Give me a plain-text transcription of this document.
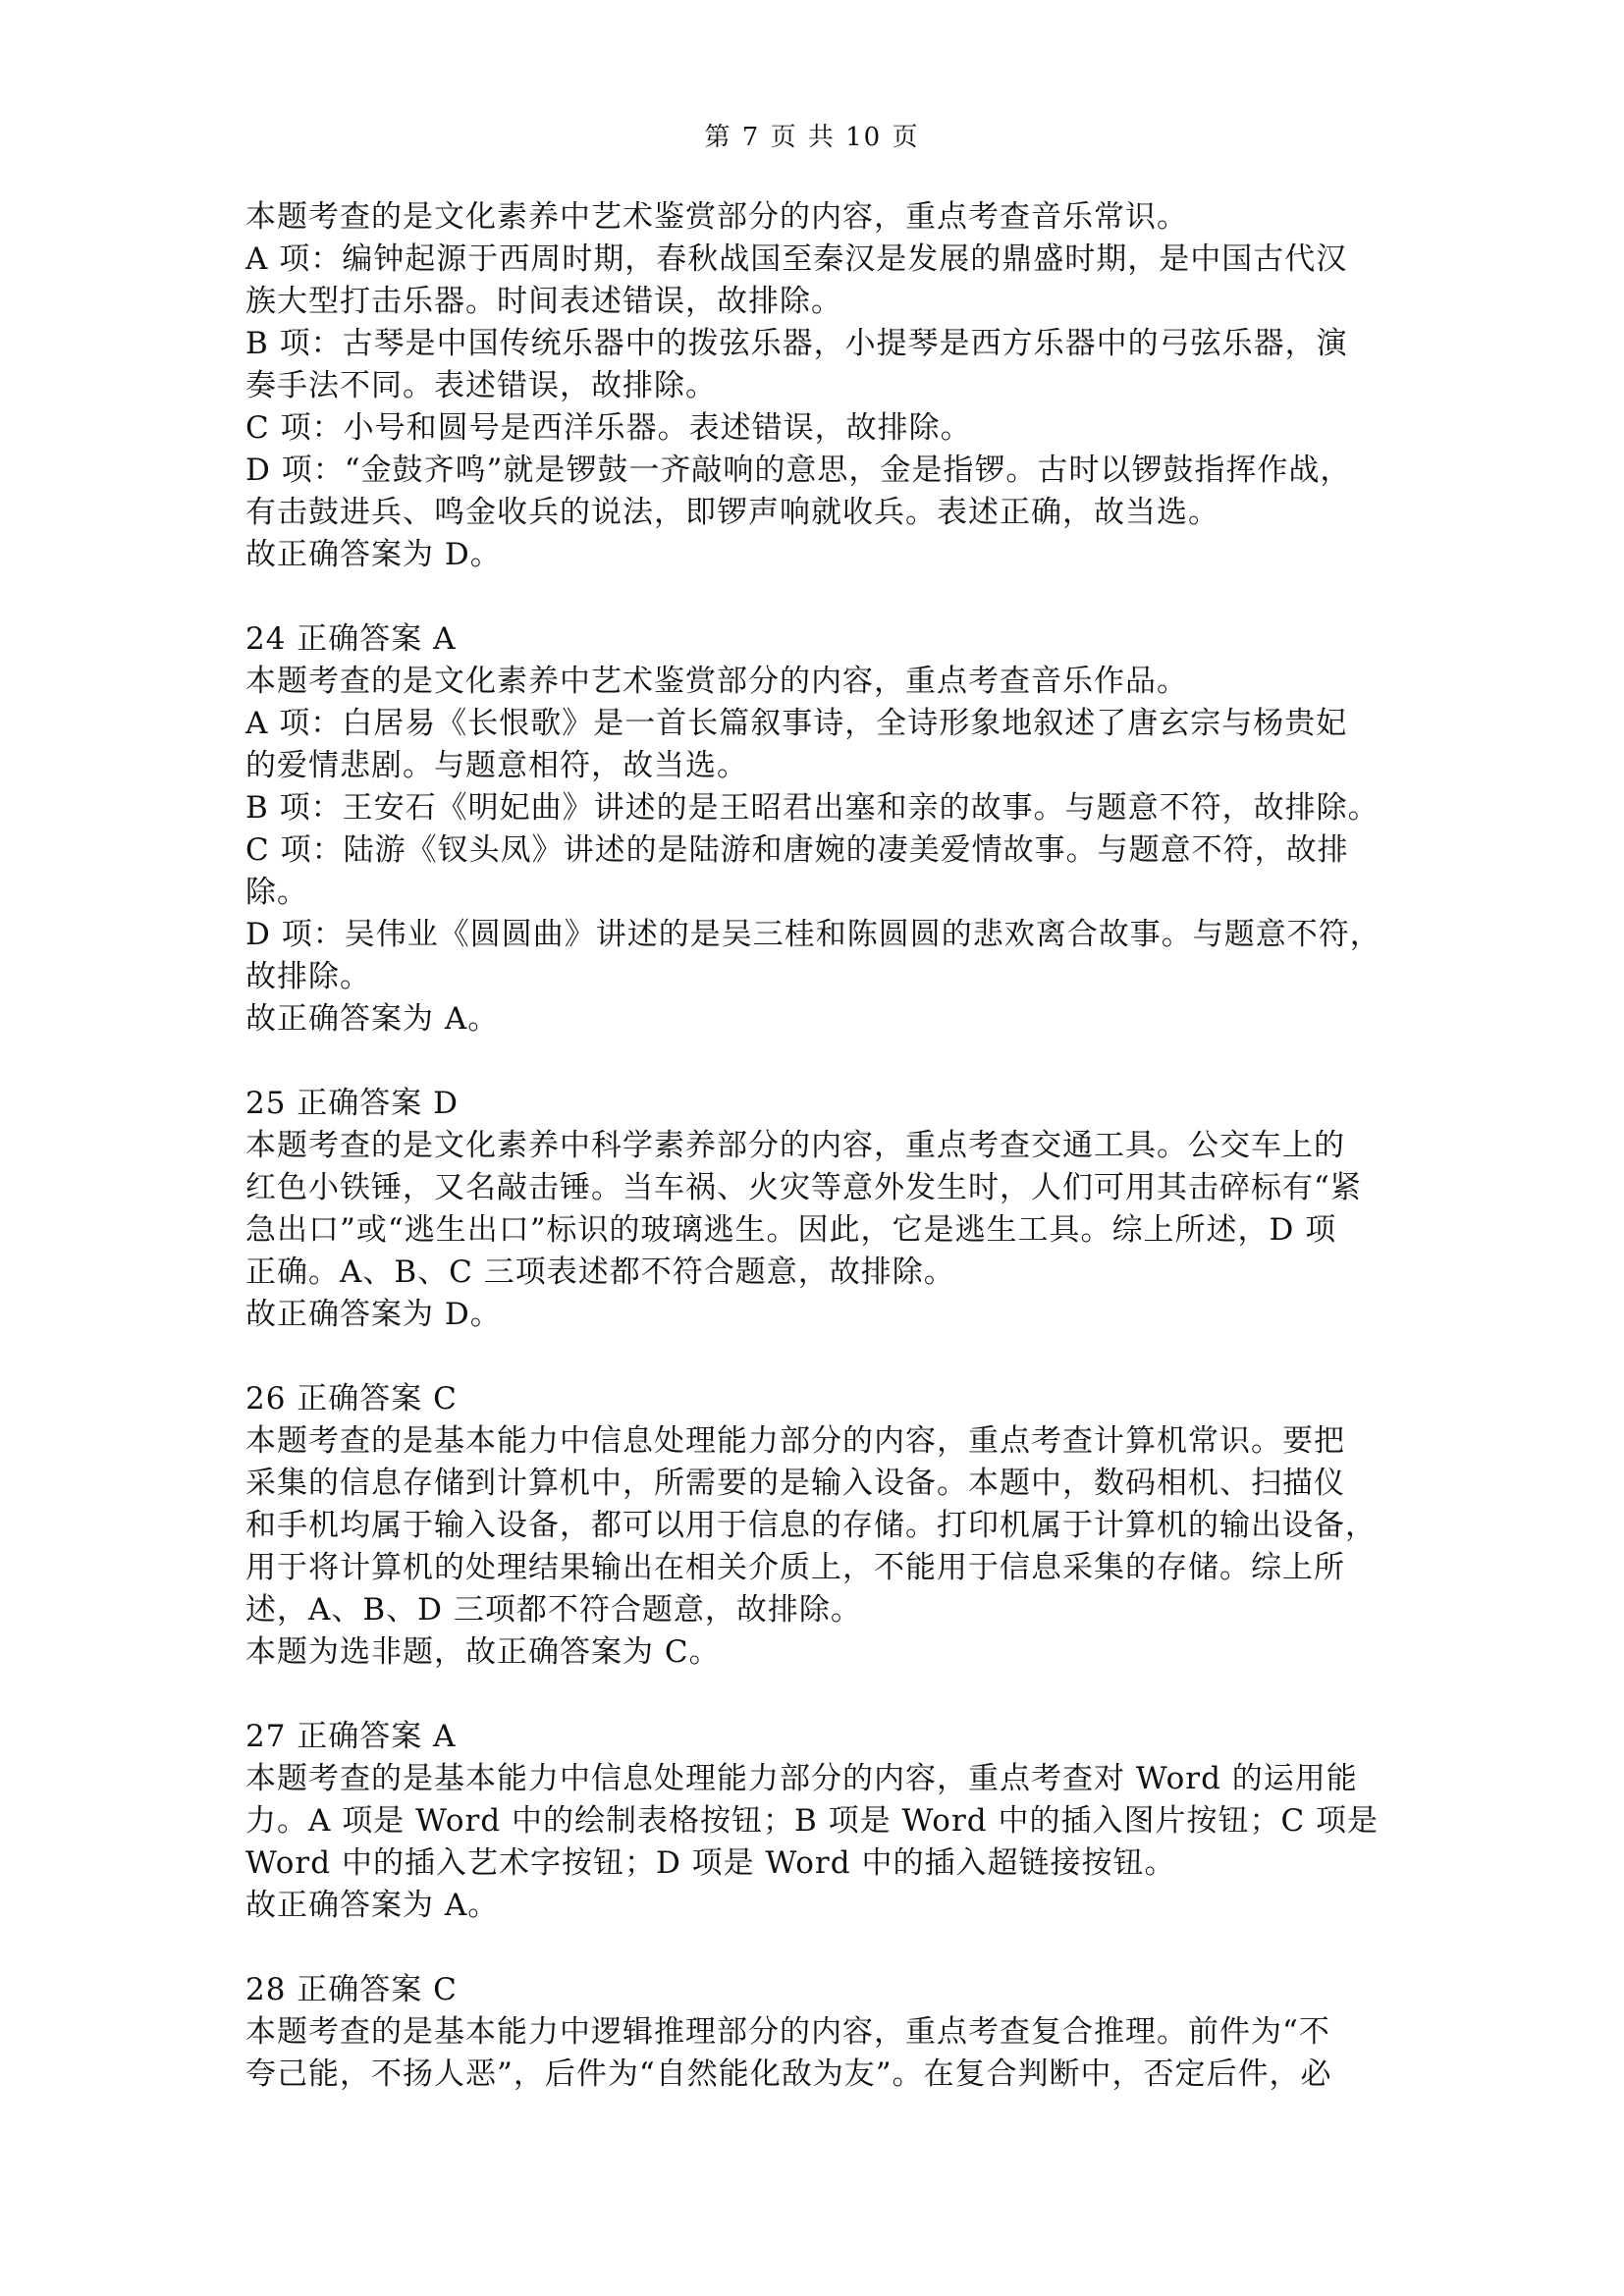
第 7 页 共 10 页
本题考查的是文化素养中艺术鉴赏部分的内容，重点考查音乐常识。
A 项：编钟起源于西周时期，春秋战国至秦汉是发展的鼎盛时期，是中国古代汉
族大型打击乐器。时间表述错误，故排除。
B 项：古琴是中国传统乐器中的拨弦乐器，小提琴是西方乐器中的弓弦乐器，演
奏手法不同。表述错误，故排除。
C 项：小号和圆号是西洋乐器。表述错误，故排除。
D 项：“金鼓齐鸣”就是锣鼓一齐敲响的意思，金是指锣。古时以锣鼓指挥作战，
有击鼓进兵、鸣金收兵的说法，即锣声响就收兵。表述正确，故当选。
故正确答案为 D。
24 正确答案 A
本题考查的是文化素养中艺术鉴赏部分的内容，重点考查音乐作品。
A 项：白居易《长恨歌》是一首长篇叙事诗，全诗形象地叙述了唐玄宗与杨贵妃
的爱情悲剧。与题意相符，故当选。
B 项：王安石《明妃曲》讲述的是王昭君出塞和亲的故事。与题意不符，故排除。
C 项：陆游《钗头凤》讲述的是陆游和唐婉的凄美爱情故事。与题意不符，故排
除。
D 项：吴伟业《圆圆曲》讲述的是吴三桂和陈圆圆的悲欢离合故事。与题意不符，
故排除。
故正确答案为 A。
25 正确答案 D
本题考查的是文化素养中科学素养部分的内容，重点考查交通工具。公交车上的
红色小铁锤，又名敲击锤。当车祸、火灾等意外发生时，人们可用其击碎标有“紧
急出口”或“逃生出口”标识的玻璃逃生。因此，它是逃生工具。综上所述，D 项
正确。A、B、C 三项表述都不符合题意，故排除。
故正确答案为 D。
26 正确答案 C
本题考查的是基本能力中信息处理能力部分的内容，重点考查计算机常识。要把
采集的信息存储到计算机中，所需要的是输入设备。本题中，数码相机、扫描仪
和手机均属于输入设备，都可以用于信息的存储。打印机属于计算机的输出设备，
用于将计算机的处理结果输出在相关介质上，不能用于信息采集的存储。综上所
述，A、B、D 三项都不符合题意，故排除。
本题为选非题，故正确答案为 C。
27 正确答案 A
本题考查的是基本能力中信息处理能力部分的内容，重点考查对 Word 的运用能
力。A 项是 Word 中的绘制表格按钮；B 项是 Word 中的插入图片按钮；C 项是
Word 中的插入艺术字按钮；D 项是 Word 中的插入超链接按钮。
故正确答案为 A。
28 正确答案 C
本题考查的是基本能力中逻辑推理部分的内容，重点考查复合推理。前件为“不
夸己能，不扬人恶”，后件为“自然能化敌为友”。在复合判断中，否定后件，必
